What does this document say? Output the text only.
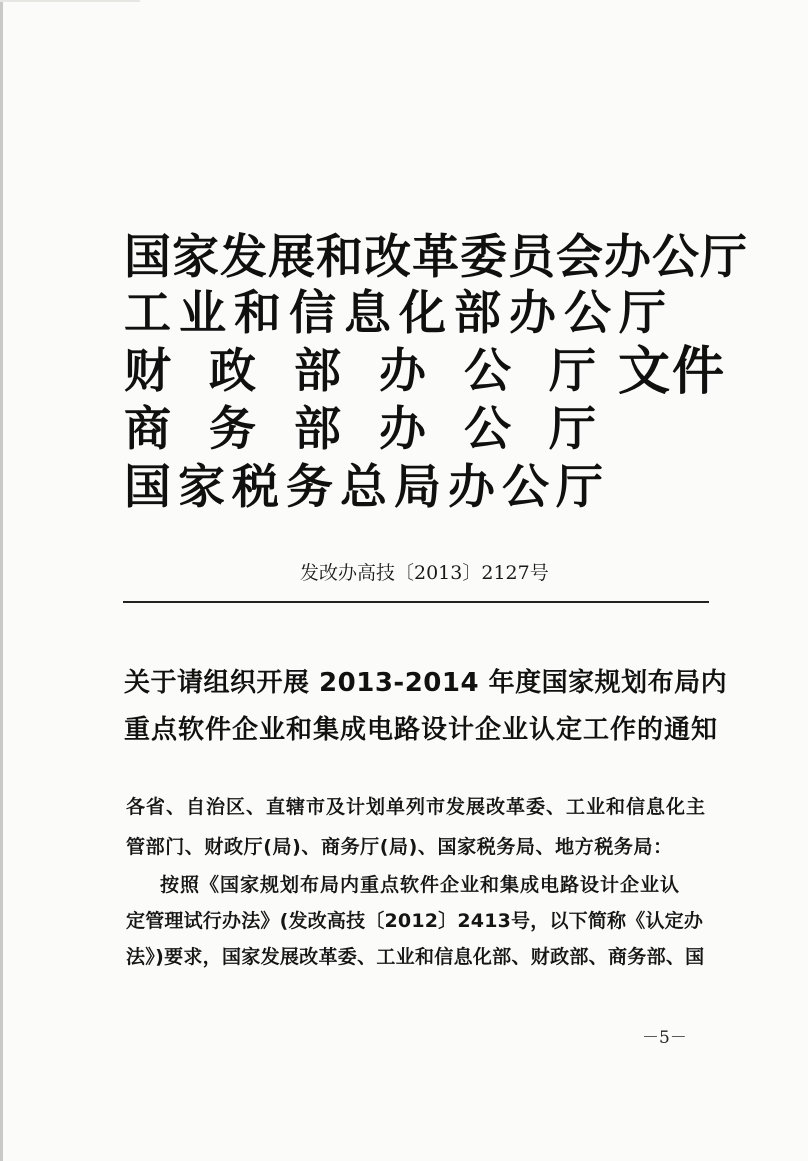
国家发展和改革委员会办公厅
工业和信息化部办公厅
财 政 部 办 公 厅
商 务 部 办 公 厅
国家税务总局办公厅
文件
发改办高技〔2013〕2127号
关于请组织开展 2013-2014 年度国家规划布局内
重点软件企业和集成电路设计企业认定工作的通知
各省、自治区、直辖市及计划单列市发展改革委、工业和信息化主
管部门、财政厅(局)、商务厅(局)、国家税务局、地方税务局：
按照《国家规划布局内重点软件企业和集成电路设计企业认
定管理试行办法》(发改高技〔2012〕2413号，以下简称《认定办
法》)要求，国家发展改革委、工业和信息化部、财政部、商务部、国
－5－
